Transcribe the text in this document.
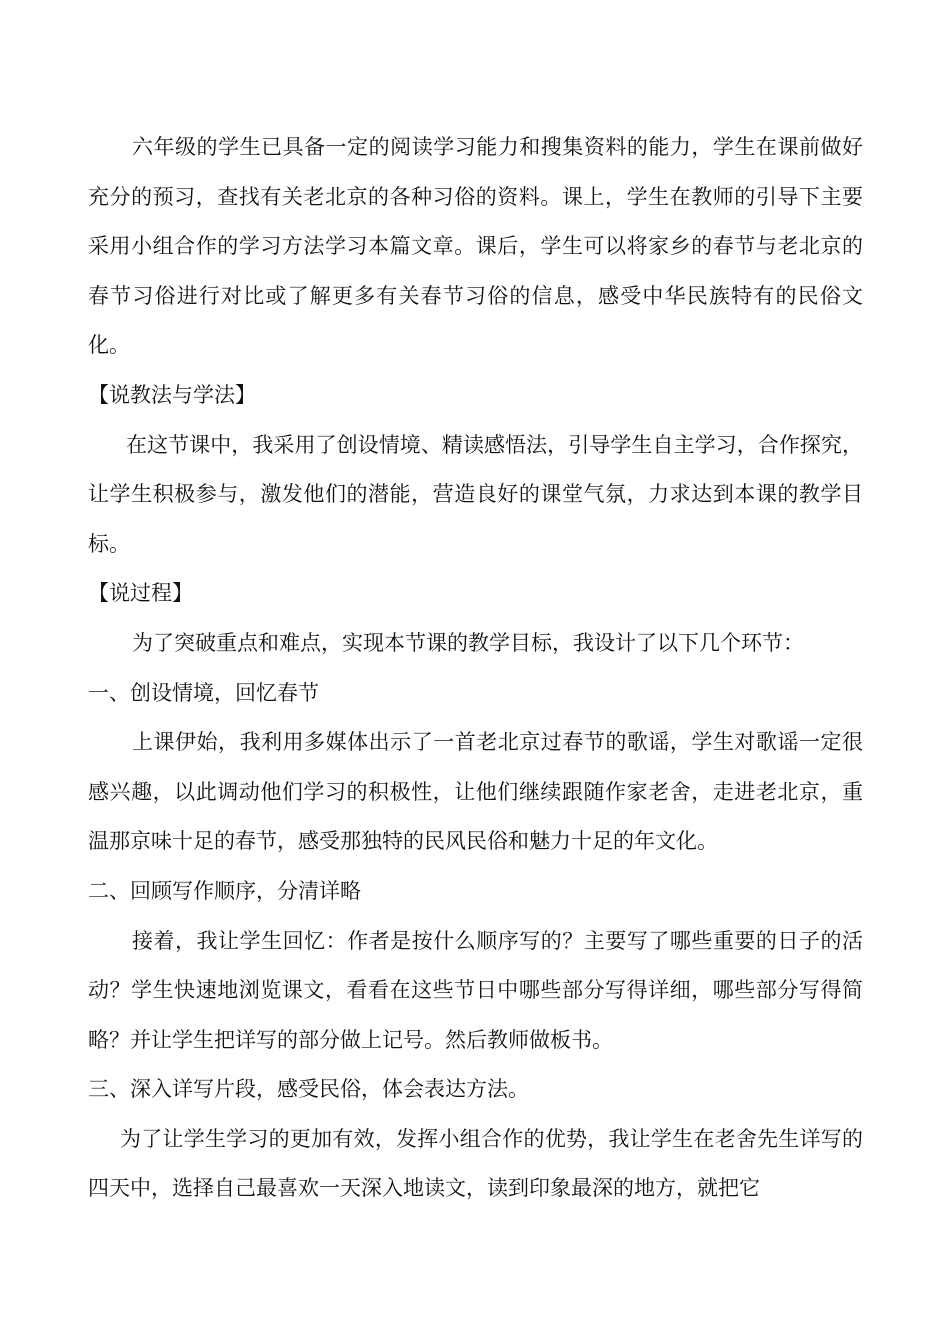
六年级的学生已具备一定的阅读学习能力和搜集资料的能力，学生在课前做好充分的预习，查找有关老北京的各种习俗的资料。课上，学生在教师的引导下主要采用小组合作的学习方法学习本篇文章。课后，学生可以将家乡的春节与老北京的春节习俗进行对比或了解更多有关春节习俗的信息，感受中华民族特有的民俗文化。

【说教法与学法】

在这节课中，我采用了创设情境、精读感悟法，引导学生自主学习，合作探究，让学生积极参与，激发他们的潜能，营造良好的课堂气氛，力求达到本课的教学目标。

【说过程】

为了突破重点和难点，实现本节课的教学目标，我设计了以下几个环节：

一、创设情境，回忆春节

上课伊始，我利用多媒体出示了一首老北京过春节的歌谣，学生对歌谣一定很感兴趣，以此调动他们学习的积极性，让他们继续跟随作家老舍，走进老北京，重温那京味十足的春节，感受那独特的民风民俗和魅力十足的年文化。

二、回顾写作顺序，分清详略

接着，我让学生回忆：作者是按什么顺序写的？主要写了哪些重要的日子的活动？学生快速地浏览课文，看看在这些节日中哪些部分写得详细，哪些部分写得简略？并让学生把详写的部分做上记号。然后教师做板书。

三、深入详写片段，感受民俗，体会表达方法。

为了让学生学习的更加有效，发挥小组合作的优势，我让学生在老舍先生详写的四天中，选择自己最喜欢一天深入地读文，读到印象最深的地方，就把它
